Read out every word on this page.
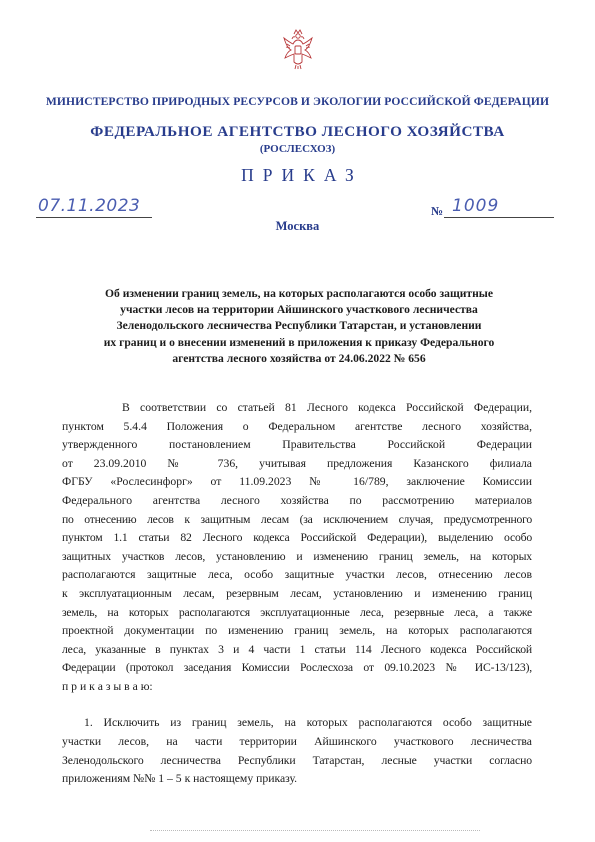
МИНИСТЕРСТВО ПРИРОДНЫХ РЕСУРСОВ И ЭКОЛОГИИ РОССИЙСКОЙ ФЕДЕРАЦИИ
ФЕДЕРАЛЬНОЕ АГЕНТСТВО ЛЕСНОГО ХОЗЯЙСТВА
(РОСЛЕСХОЗ)
ПРИКАЗ
07.11.2023	№ 1009
Москва
Об изменении границ земель, на которых располагаются особо защитные
участки лесов на территории Айшинского участкового лесничества
Зеленодольского лесничества Республики Татарстан, и установлении
их границ и о внесении изменений в приложения к приказу Федерального
агентства лесного хозяйства от 24.06.2022 № 656
В соответствии со статьей 81 Лесного кодекса Российской Федерации,
пунктом 5.4.4 Положения о Федеральном агентстве лесного хозяйства,
утвержденного постановлением Правительства Российской Федерации
от 23.09.2010 № 736, учитывая предложения Казанского филиала
ФГБУ «Рослесинфорг» от 11.09.2023 № 16/789, заключение Комиссии
Федерального агентства лесного хозяйства по рассмотрению материалов
по отнесению лесов к защитным лесам (за исключением случая, предусмотренного
пунктом 1.1 статьи 82 Лесного кодекса Российской Федерации), выделению особо
защитных участков лесов, установлению и изменению границ земель, на которых
располагаются защитные леса, особо защитные участки лесов, отнесению лесов
к эксплуатационным лесам, резервным лесам, установлению и изменению границ
земель, на которых располагаются эксплуатационные леса, резервные леса, а также
проектной документации по изменению границ земель, на которых располагаются
леса, указанные в пунктах 3 и 4 части 1 статьи 114 Лесного кодекса Российской
Федерации (протокол заседания Комиссии Рослесхоза от 09.10.2023 № ИС-13/123),
п р и к а з ы в а ю:
1. Исключить из границ земель, на которых располагаются особо защитные
участки лесов, на части территории Айшинского участкового лесничества
Зеленодольского лесничества Республики Татарстан, лесные участки согласно
приложениям №№ 1 – 5 к настоящему приказу.
